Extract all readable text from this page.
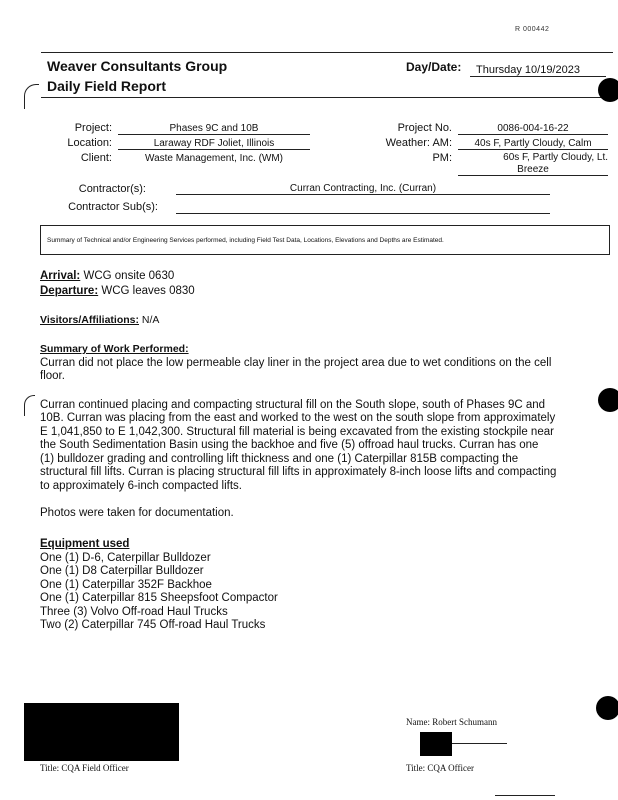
R 000442
Weaver Consultants Group
Daily Field Report
Day/Date:	Thursday 10/19/2023
Project:	Phases 9C and 10B
Location:	Laraway RDF Joliet, Illinois
Client:	Waste Management, Inc. (WM)
Project No.	0086-004-16-22
Weather: AM:	40s F, Partly Cloudy, Calm
PM:	60s F, Partly Cloudy, Lt.
Breeze
Contractor(s):	Curran Contracting, Inc. (Curran)
Contractor Sub(s):
Summary of Technical and/or Engineering Services performed, including Field Test Data, Locations, Elevations and Depths are Estimated.
Arrival: WCG onsite 0630
Departure: WCG leaves 0830
Visitors/Affiliations: N/A
Summary of Work Performed:
Curran did not place the low permeable clay liner in the project area due to wet conditions on the cell
floor.
Curran continued placing and compacting structural fill on the South slope, south of Phases 9C and
10B. Curran was placing from the east and worked to the west on the south slope from approximately
E 1,041,850 to E 1,042,300. Structural fill material is being excavated from the existing stockpile near
the South Sedimentation Basin using the backhoe and five (5) offroad haul trucks. Curran has one
(1) bulldozer grading and controlling lift thickness and one (1) Caterpillar 815B compacting the
structural fill lifts. Curran is placing structural fill lifts in approximately 8-inch loose lifts and compacting
to approximately 6-inch compacted lifts.
Photos were taken for documentation.
Equipment used
One (1) D-6, Caterpillar Bulldozer
One (1) D8 Caterpillar Bulldozer
One (1) Caterpillar 352F Backhoe
One (1) Caterpillar 815 Sheepsfoot Compactor
Three (3) Volvo Off-road Haul Trucks
Two (2) Caterpillar 745 Off-road Haul Trucks
Title: CQA Field Officer
Name: Robert Schumann
Title: CQA Officer
